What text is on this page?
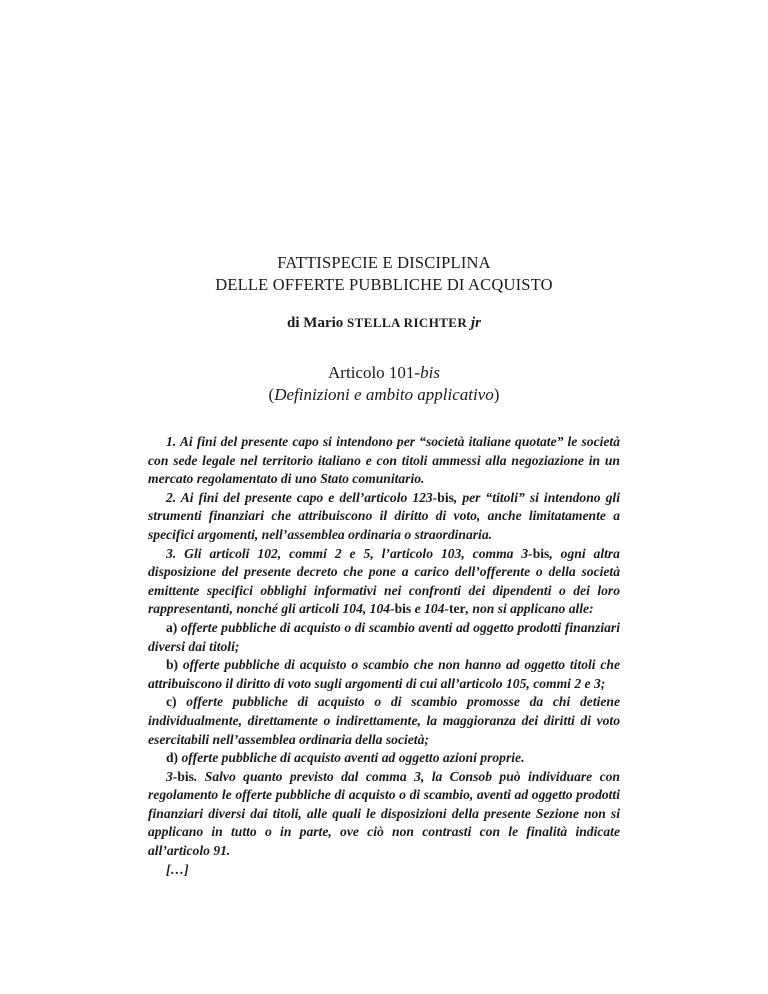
FATTISPECIE E DISCIPLINA
DELLE OFFERTE PUBBLICHE DI ACQUISTO
di Mario STELLA RICHTER jr
Articolo 101-bis
(Definizioni e ambito applicativo)

1. Ai fini del presente capo si intendono per “società italiane quotate” le società con sede legale nel territorio italiano e con titoli ammessi alla negoziazione in un mercato regolamentato di uno Stato comunitario.

2. Ai fini del presente capo e dell’articolo 123-bis, per “titoli” si intendono gli strumenti finanziari che attribuiscono il diritto di voto, anche limitatamente a specifici argomenti, nell’assemblea ordinaria o straordinaria.

3. Gli articoli 102, commi 2 e 5, l’articolo 103, comma 3-bis, ogni altra disposizione del presente decreto che pone a carico dell’offerente o della società emittente specifici obblighi informativi nei confronti dei dipendenti o dei loro rappresentanti, nonché gli articoli 104, 104-bis e 104-ter, non si applicano alle:

a) offerte pubbliche di acquisto o di scambio aventi ad oggetto prodotti finanziari diversi dai titoli;

b) offerte pubbliche di acquisto o scambio che non hanno ad oggetto titoli che attribuiscono il diritto di voto sugli argomenti di cui all’articolo 105, commi 2 e 3;

c) offerte pubbliche di acquisto o di scambio promosse da chi detiene individualmente, direttamente o indirettamente, la maggioranza dei diritti di voto esercitabili nell’assemblea ordinaria della società;

d) offerte pubbliche di acquisto aventi ad oggetto azioni proprie.

3-bis. Salvo quanto previsto dal comma 3, la Consob può individuare con regolamento le offerte pubbliche di acquisto o di scambio, aventi ad oggetto prodotti finanziari diversi dai titoli, alle quali le disposizioni della presente Sezione non si applicano in tutto o in parte, ove ciò non contrasti con le finalità indicate all’articolo 91.

[…]
